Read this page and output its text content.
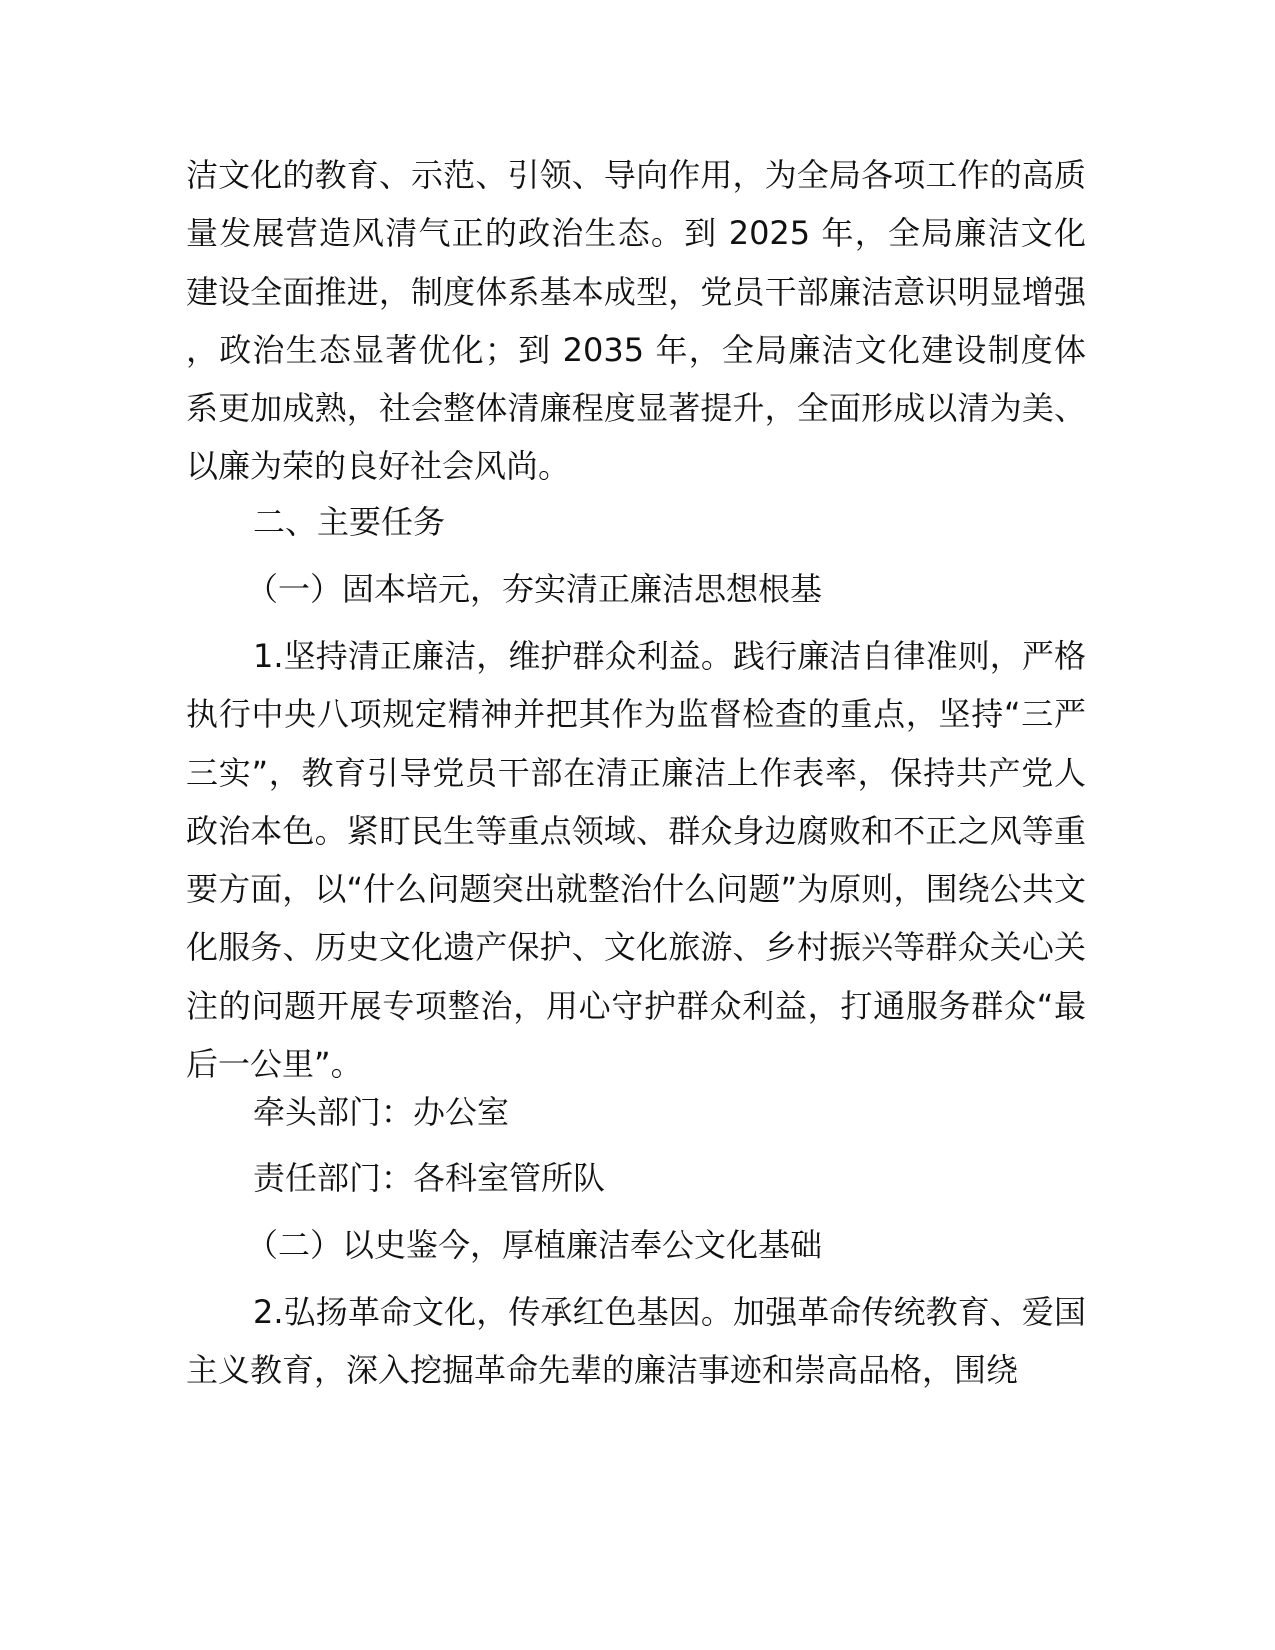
洁文化的教育、示范、引领、导向作用，为全局各项工作的高质量发展营造风清气正的政治生态。到 2025 年，全局廉洁文化建设全面推进，制度体系基本成型，党员干部廉洁意识明显增强，政治生态显著优化；到 2035 年，全局廉洁文化建设制度体系更加成熟，社会整体清廉程度显著提升，全面形成以清为美、以廉为荣的良好社会风尚。

二、主要任务

（一）固本培元，夯实清正廉洁思想根基

1.坚持清正廉洁，维护群众利益。践行廉洁自律准则，严格执行中央八项规定精神并把其作为监督检查的重点，坚持“三严三实”，教育引导党员干部在清正廉洁上作表率，保持共产党人政治本色。紧盯民生等重点领域、群众身边腐败和不正之风等重要方面，以“什么问题突出就整治什么问题”为原则，围绕公共文化服务、历史文化遗产保护、文化旅游、乡村振兴等群众关心关注的问题开展专项整治，用心守护群众利益，打通服务群众“最后一公里”。

牵头部门：办公室

责任部门：各科室管所队

（二）以史鉴今，厚植廉洁奉公文化基础

2.弘扬革命文化，传承红色基因。加强革命传统教育、爱国主义教育，深入挖掘革命先辈的廉洁事迹和崇高品格，围绕
